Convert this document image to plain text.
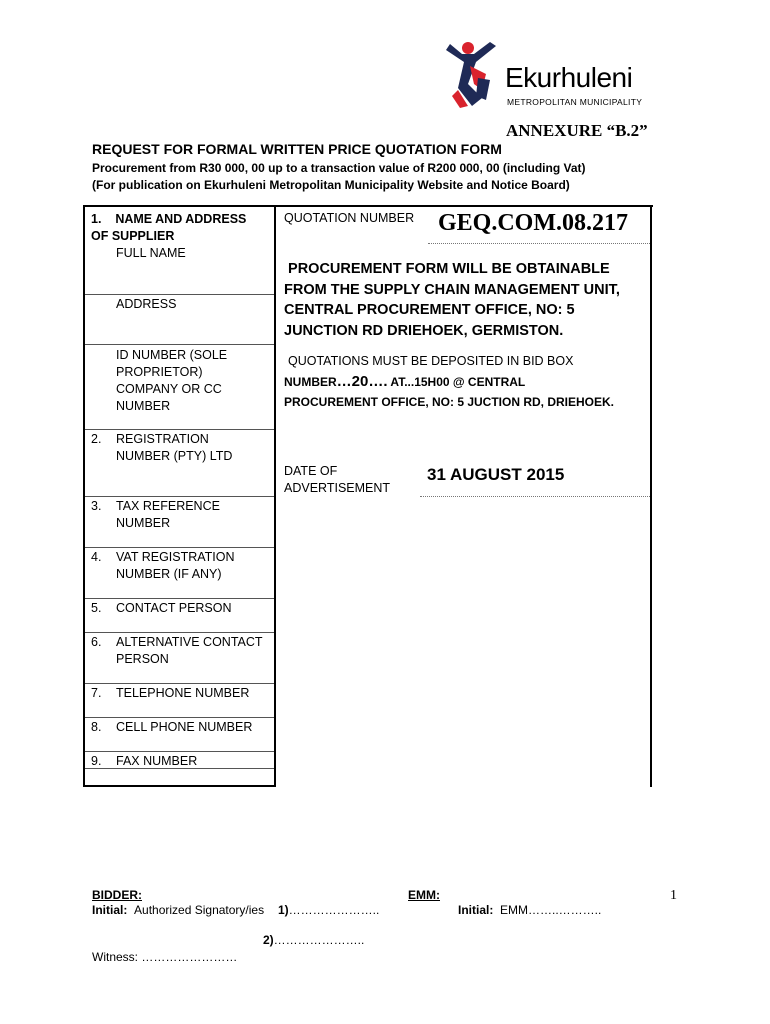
Ekurhuleni
METROPOLITAN MUNICIPALITY
ANNEXURE “B.2”
REQUEST FOR FORMAL WRITTEN PRICE QUOTATION FORM
Procurement from R30 000, 00 up to a transaction value of R200 000, 00 (including Vat)
(For publication on Ekurhuleni Metropolitan Municipality Website and Notice Board)
1. NAME AND ADDRESS
OF SUPPLIER
FULL NAME
ADDRESS
ID NUMBER (SOLE
PROPRIETOR)
COMPANY OR CC
NUMBER
2. REGISTRATION
NUMBER (PTY) LTD
3. TAX REFERENCE
NUMBER
4. VAT REGISTRATION
NUMBER (IF ANY)
5. CONTACT PERSON
6. ALTERNATIVE CONTACT
PERSON
7. TELEPHONE NUMBER
8. CELL PHONE NUMBER
9. FAX NUMBER
QUOTATION NUMBER GEQ.COM.08.217
PROCUREMENT FORM WILL BE OBTAINABLE
FROM THE SUPPLY CHAIN MANAGEMENT UNIT,
CENTRAL PROCUREMENT OFFICE, NO: 5
JUNCTION RD DRIEHOEK, GERMISTON.
QUOTATIONS MUST BE DEPOSITED IN BID BOX
NUMBER…20…. AT...15H00 @ CENTRAL
PROCUREMENT OFFICE, NO: 5 JUCTION RD, DRIEHOEK.
DATE OF
ADVERTISEMENT
31 AUGUST 2015
BIDDER:
Initial: Authorized Signatory/ies 1)…………………..
EMM:
Initial: EMM……..………..
1
2)…………………..
Witness: ……………………
